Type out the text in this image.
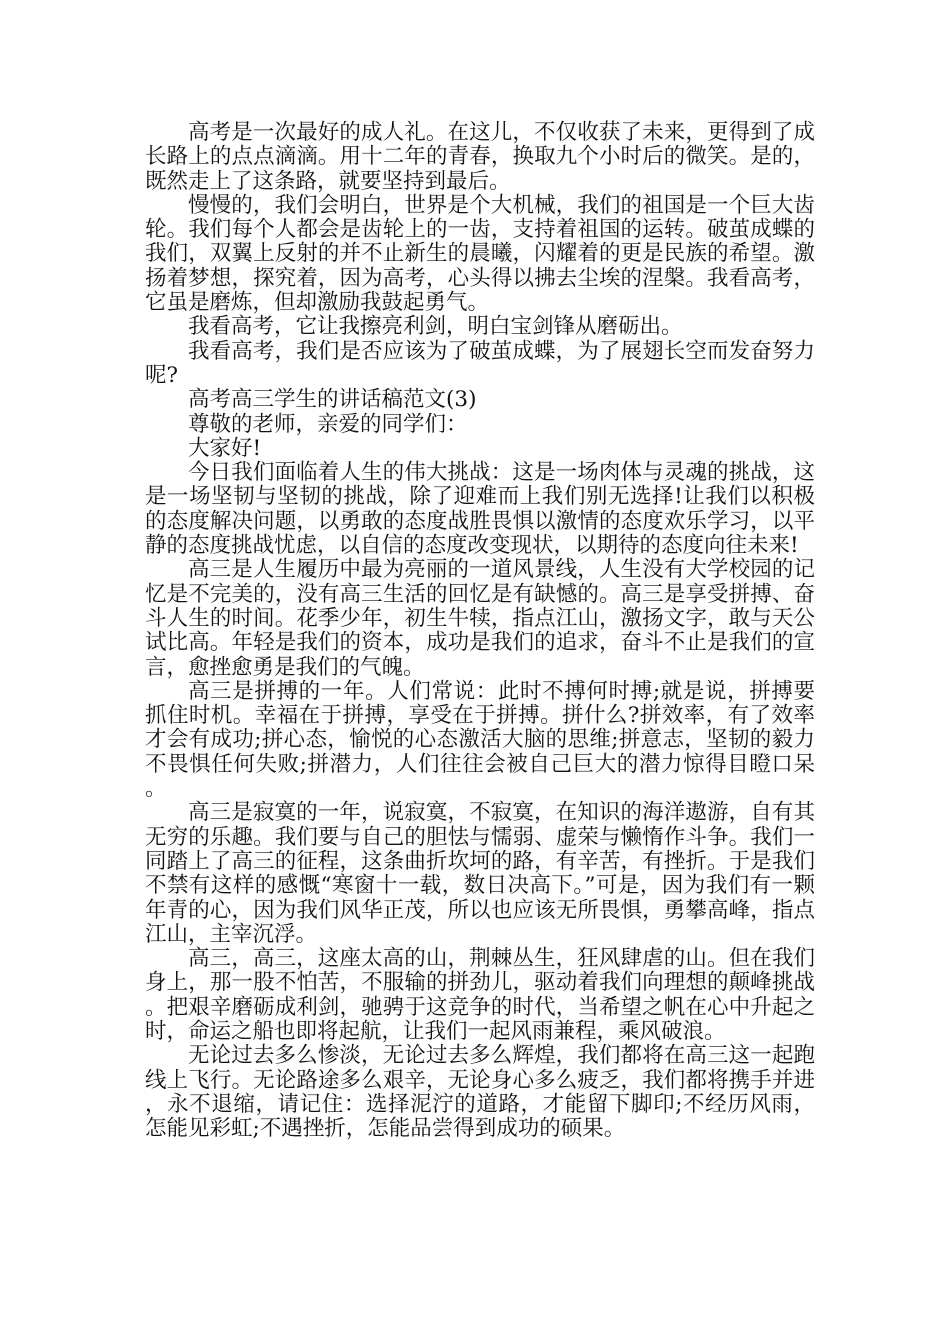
高考是一次最好的成人礼。在这儿，不仅收获了未来，更得到了成长路上的点点滴滴。用十二年的青春，换取九个小时后的微笑。是的，既然走上了这条路，就要坚持到最后。

慢慢的，我们会明白，世界是个大机械，我们的祖国是一个巨大齿轮。我们每个人都会是齿轮上的一齿，支持着祖国的运转。破茧成蝶的我们，双翼上反射的并不止新生的晨曦，闪耀着的更是民族的希望。激扬着梦想，探究着，因为高考，心头得以拂去尘埃的涅槃。我看高考，它虽是磨炼，但却激励我鼓起勇气。

我看高考，它让我擦亮利剑，明白宝剑锋从磨砺出。

我看高考，我们是否应该为了破茧成蝶，为了展翅长空而发奋努力呢?

高考高三学生的讲话稿范文(3)

尊敬的老师，亲爱的同学们：

大家好!

今日我们面临着人生的伟大挑战：这是一场肉体与灵魂的挑战，这是一场坚韧与坚韧的挑战，除了迎难而上我们别无选择!让我们以积极的态度解决问题，以勇敢的态度战胜畏惧以激情的态度欢乐学习，以平静的态度挑战忧虑，以自信的态度改变现状，以期待的态度向往未来!

高三是人生履历中最为亮丽的一道风景线，人生没有大学校园的记忆是不完美的，没有高三生活的回忆是有缺憾的。高三是享受拼搏、奋斗人生的时间。花季少年，初生牛犊，指点江山，激扬文字，敢与天公试比高。年轻是我们的资本，成功是我们的追求，奋斗不止是我们的宣言，愈挫愈勇是我们的气魄。

高三是拼搏的一年。人们常说：此时不搏何时搏;就是说，拼搏要抓住时机。幸福在于拼搏，享受在于拼搏。拼什么?拼效率，有了效率才会有成功;拼心态，愉悦的心态激活大脑的思维;拼意志，坚韧的毅力不畏惧任何失败;拼潜力，人们往往会被自己巨大的潜力惊得目瞪口呆。

高三是寂寞的一年，说寂寞，不寂寞，在知识的海洋遨游，自有其无穷的乐趣。我们要与自己的胆怯与懦弱、虚荣与懒惰作斗争。我们一同踏上了高三的征程，这条曲折坎坷的路，有辛苦，有挫折。于是我们不禁有这样的感慨“寒窗十一载，数日决高下。”可是，因为我们有一颗年青的心，因为我们风华正茂，所以也应该无所畏惧，勇攀高峰，指点江山，主宰沉浮。

高三，高三，这座太高的山，荆棘丛生，狂风肆虐的山。但在我们身上，那一股不怕苦，不服输的拼劲儿，驱动着我们向理想的颠峰挑战。把艰辛磨砺成利剑，驰骋于这竞争的时代，当希望之帆在心中升起之时，命运之船也即将起航，让我们一起风雨兼程，乘风破浪。

无论过去多么惨淡，无论过去多么辉煌，我们都将在高三这一起跑线上飞行。无论路途多么艰辛，无论身心多么疲乏，我们都将携手并进，永不退缩，请记住：选择泥泞的道路，才能留下脚印;不经历风雨，怎能见彩虹;不遇挫折，怎能品尝得到成功的硕果。
